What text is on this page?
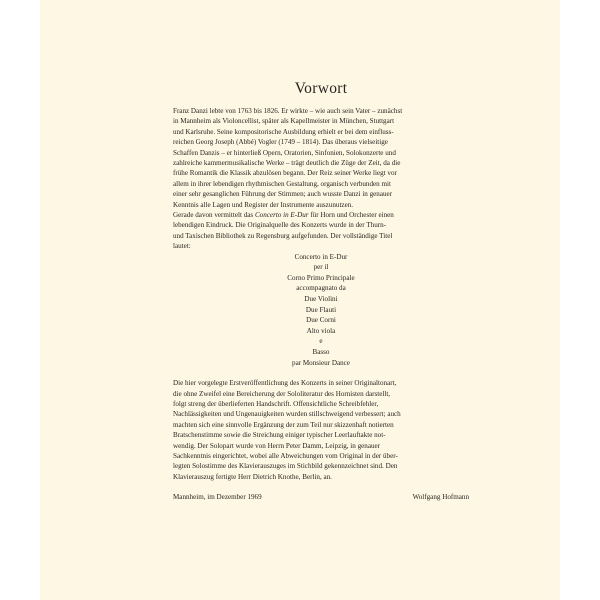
Vorwort
Franz Danzi lebte von 1763 bis 1826. Er wirkte – wie auch sein Vater – zunächst
in Mannheim als Violoncellist, später als Kapellmeister in München, Stuttgart
und Karlsruhe. Seine kompositorische Ausbildung erhielt er bei dem einfluss-
reichen Georg Joseph (Abbé) Vogler (1749 – 1814). Das überaus vielseitige
Schaffen Danzis – er hinterließ Opern, Oratorien, Sinfonien, Solokonzerte und
zahlreiche kammermusikalische Werke – trägt deutlich die Züge der Zeit, da die
frühe Romantik die Klassik abzulösen begann. Der Reiz seiner Werke liegt vor
allem in ihrer lebendigen rhythmischen Gestaltung, organisch verbunden mit
einer sehr gesanglichen Führung der Stimmen; auch wusste Danzi in genauer
Kenntnis alle Lagen und Register der Instrumente auszunutzen.
Gerade davon vermittelt das Concerto in E-Dur für Horn und Orchester einen
lebendigen Eindruck. Die Originalquelle des Konzerts wurde in der Thurn-
und Taxischen Bibliothek zu Regensburg aufgefunden. Der vollständige Titel
lautet:
Concerto in E-Dur
per il
Corno Primo Principale
accompagnato da
Due Violini
Due Flauti
Due Corni
Alto viola
e
Basso
par Monsieur Dance
Die hier vorgelegte Erstveröffentlichung des Konzerts in seiner Originaltonart,
die ohne Zweifel eine Bereicherung der Sololiteratur des Hornisten darstellt,
folgt streng der überlieferten Handschrift. Offensichtliche Schreibfehler,
Nachlässigkeiten und Ungenauigkeiten wurden stillschweigend verbessert; auch
machten sich eine sinnvolle Ergänzung der zum Teil nur skizzenhaft notierten
Bratschenstimme sowie die Streichung einiger typischer Leerlauftakte not-
wendig. Der Solopart wurde von Herrn Peter Damm, Leipzig, in genauer
Sachkenntnis eingerichtet, wobei alle Abweichungen vom Original in der über-
legten Solostimme des Klavierauszuges im Stichbild gekennzeichnet sind. Den
Klavierauszug fertigte Herr Dietrich Knothe, Berlin, an.
Mannheim, im Dezember 1969	Wolfgang Hofmann
